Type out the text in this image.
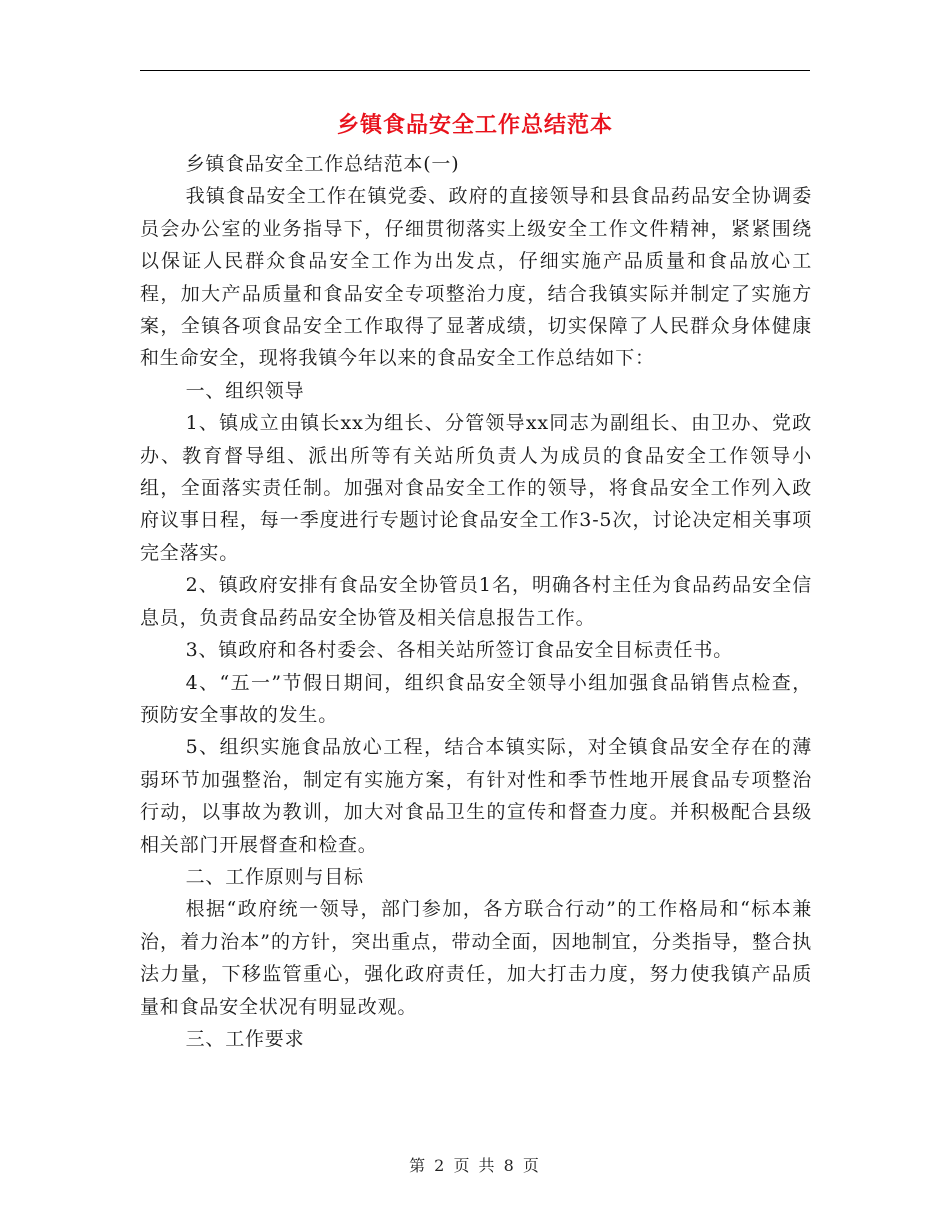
乡镇食品安全工作总结范本

乡镇食品安全工作总结范本(一)

我镇食品安全工作在镇党委、政府的直接领导和县食品药品安全协调委员会办公室的业务指导下，仔细贯彻落实上级安全工作文件精神，紧紧围绕以保证人民群众食品安全工作为出发点，仔细实施产品质量和食品放心工程，加大产品质量和食品安全专项整治力度，结合我镇实际并制定了实施方案，全镇各项食品安全工作取得了显著成绩，切实保障了人民群众身体健康和生命安全，现将我镇今年以来的食品安全工作总结如下：

一、组织领导

1、镇成立由镇长xx为组长、分管领导xx同志为副组长、由卫办、党政办、教育督导组、派出所等有关站所负责人为成员的食品安全工作领导小组，全面落实责任制。加强对食品安全工作的领导，将食品安全工作列入政府议事日程，每一季度进行专题讨论食品安全工作3-5次，讨论决定相关事项完全落实。

2、镇政府安排有食品安全协管员1名，明确各村主任为食品药品安全信息员，负责食品药品安全协管及相关信息报告工作。

3、镇政府和各村委会、各相关站所签订食品安全目标责任书。

4、“五一”节假日期间，组织食品安全领导小组加强食品销售点检查，预防安全事故的发生。

5、组织实施食品放心工程，结合本镇实际，对全镇食品安全存在的薄弱环节加强整治，制定有实施方案，有针对性和季节性地开展食品专项整治行动，以事故为教训，加大对食品卫生的宣传和督查力度。并积极配合县级相关部门开展督查和检查。

二、工作原则与目标

根据“政府统一领导，部门参加，各方联合行动”的工作格局和“标本兼治，着力治本”的方针，突出重点，带动全面，因地制宜，分类指导，整合执法力量，下移监管重心，强化政府责任，加大打击力度，努力使我镇产品质量和食品安全状况有明显改观。

三、工作要求

第 2 页 共 8 页
